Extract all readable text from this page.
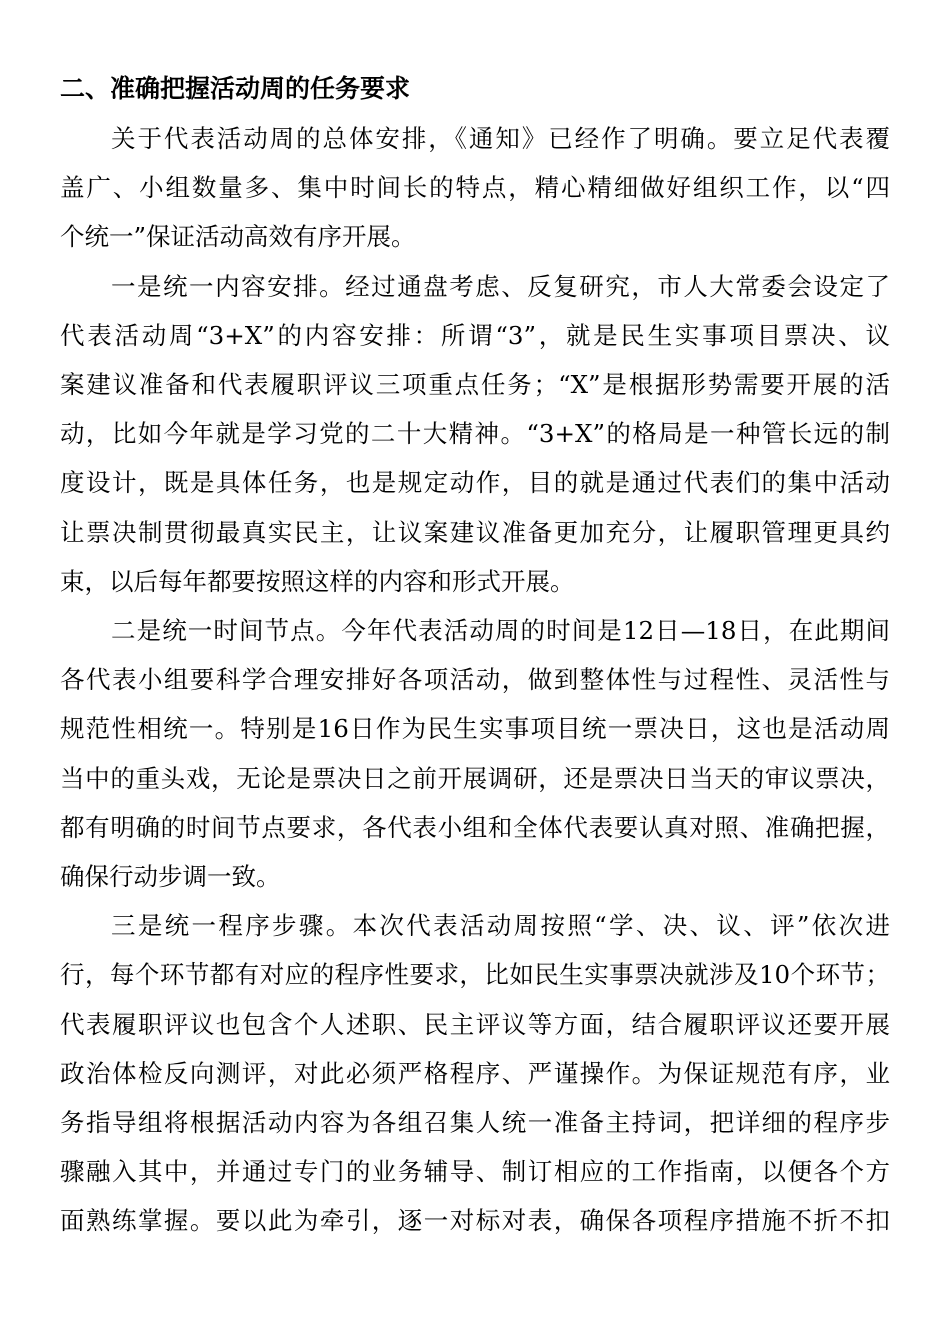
二、准确把握活动周的任务要求
关于代表活动周的总体安排，《通知》已经作了明确。要立足代表覆
盖广、小组数量多、集中时间长的特点，精心精细做好组织工作，以“四
个统一”保证活动高效有序开展。
一是统一内容安排。经过通盘考虑、反复研究，市人大常委会设定了
代表活动周“3+X”的内容安排：所谓“3”，就是民生实事项目票决、议
案建议准备和代表履职评议三项重点任务；“X”是根据形势需要开展的活
动，比如今年就是学习党的二十大精神。“3+X”的格局是一种管长远的制
度设计，既是具体任务，也是规定动作，目的就是通过代表们的集中活动
让票决制贯彻最真实民主，让议案建议准备更加充分，让履职管理更具约
束，以后每年都要按照这样的内容和形式开展。
二是统一时间节点。今年代表活动周的时间是12日—18日，在此期间
各代表小组要科学合理安排好各项活动，做到整体性与过程性、灵活性与
规范性相统一。特别是16日作为民生实事项目统一票决日，这也是活动周
当中的重头戏，无论是票决日之前开展调研，还是票决日当天的审议票决，
都有明确的时间节点要求，各代表小组和全体代表要认真对照、准确把握，
确保行动步调一致。
三是统一程序步骤。本次代表活动周按照“学、决、议、评”依次进
行，每个环节都有对应的程序性要求，比如民生实事票决就涉及10个环节；
代表履职评议也包含个人述职、民主评议等方面，结合履职评议还要开展
政治体检反向测评，对此必须严格程序、严谨操作。为保证规范有序，业
务指导组将根据活动内容为各组召集人统一准备主持词，把详细的程序步
骤融入其中，并通过专门的业务辅导、制订相应的工作指南，以便各个方
面熟练掌握。要以此为牵引，逐一对标对表，确保各项程序措施不折不扣
